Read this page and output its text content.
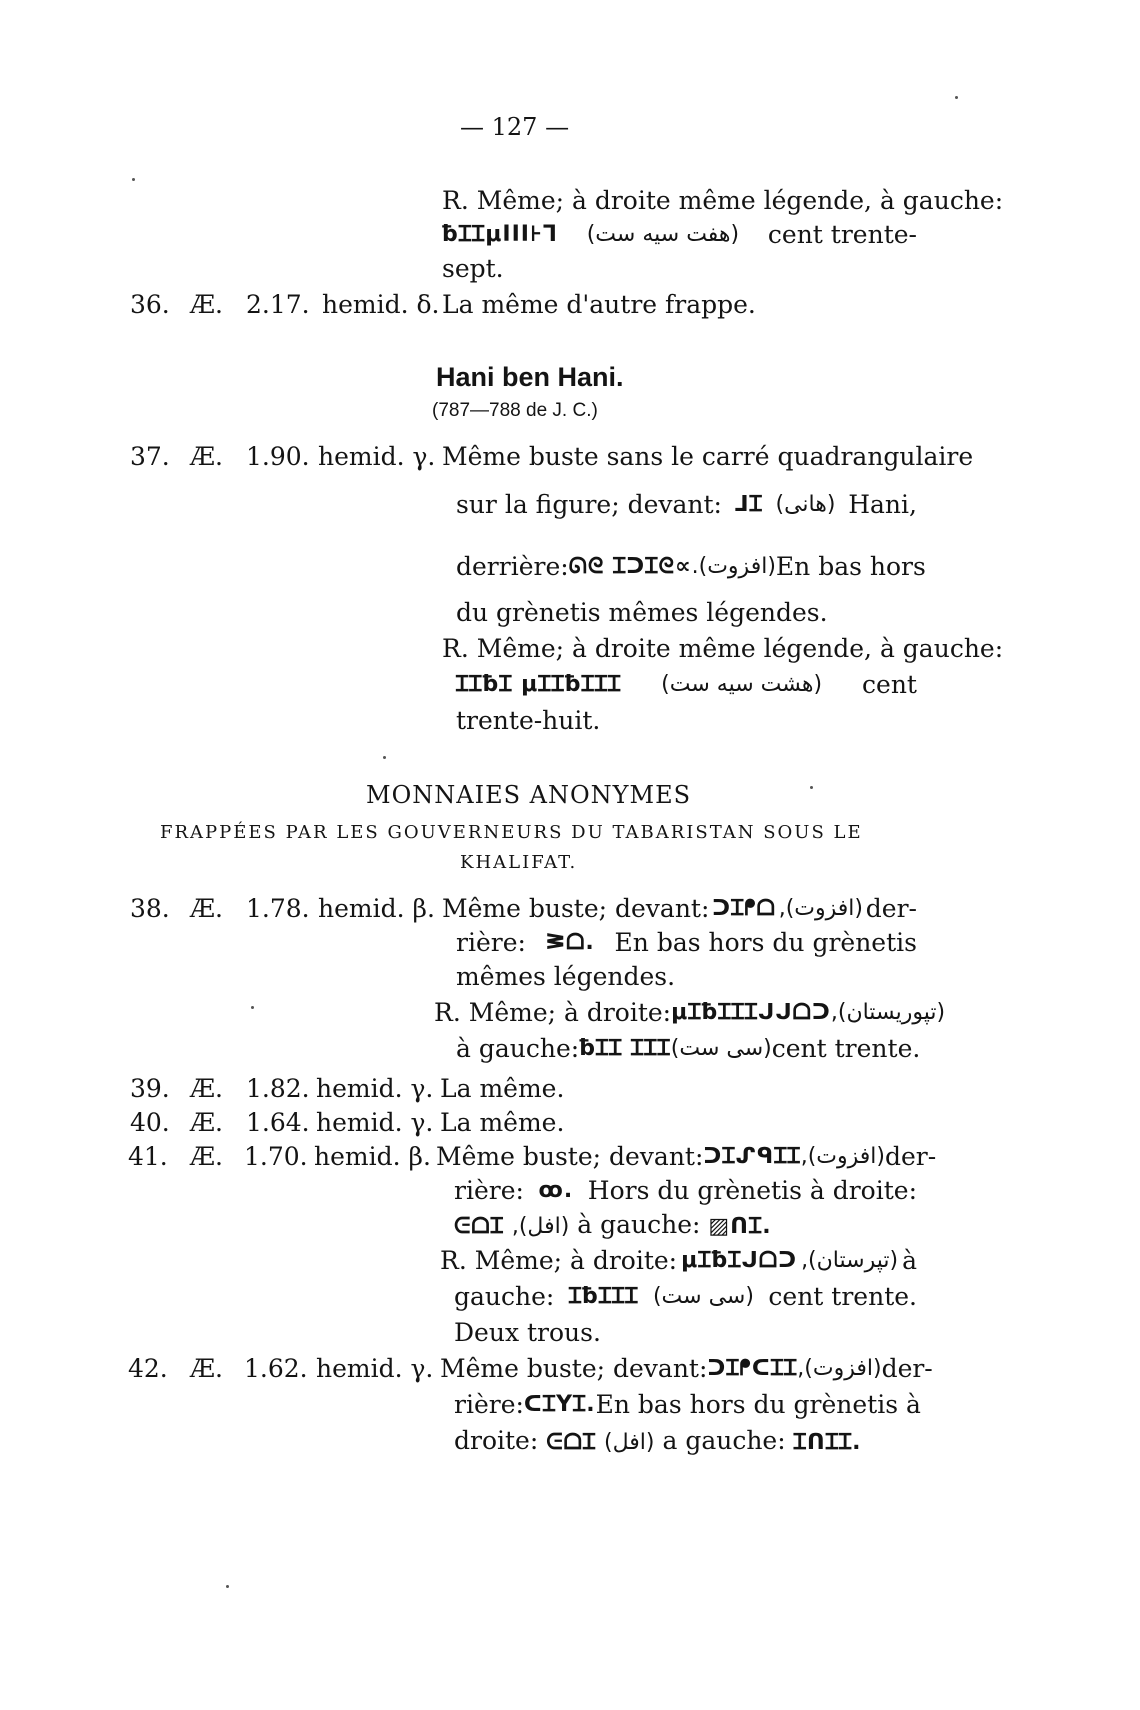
— 127 —
R. Même; à droite même légende, à gauche:
ƀꞮꞮμΙΙΙ⊦Ꞁ (هفت سيه ست) cent trente-
sept.
36. Æ. 2.17. hemid. δ. La même d'autre frappe.
Hani ben Hani.
(787—788 de J. C.)
37. Æ. 1.90. hemid. γ. Même buste sans le carré quadrangulaire
sur la figure; devant: ᒧꞮ (هانى) Hani,
derrière: ᘏᘓ ꞮᑐꞮᘓ∝ (افزوت). En bas hors
du grènetis mêmes légendes.
R. Même; à droite même légende, à gauche:
ꞮꞮƀꞮ μꞮꞮƀꞮꞮꞮ (هشت سيه ست) cent
trente-huit.
MONNAIES ANONYMES
FRAPPÉES PAR LES GOUVERNEURS DU TABARISTAN SOUS LE
KHALIFAT.
38. Æ. 1.78. hemid. β. Même buste; devant: ᑐꞮᖰᗝ (افزوت), der-
rière: ᕒᗝ. En bas hors du grènetis
mêmes légendes.
R. Même; à droite: μꞮƀꞮꞮꞮᒍᒍᗝᑐ (تپوريستان),
à gauche: ƀꞮꞮ ꞮꞮꞮ (سى ست) cent trente.
39. Æ. 1.82. hemid. γ. La même.
40. Æ. 1.64. hemid. γ. La même.
41. Æ. 1.70. hemid. β. Même buste; devant: ᑐꞮᔑᑫꞮꞮ (افزوت), der-
rière: ꝏ. Hors du grènetis à droite:
ᕮᗝꞮ (افل), à gauche: ▨ᑎꞮ.
R. Même; à droite: μꞮƀꞮᒍᗝᑐ (تپرستان), à
gauche: ꞮƀꞮꞮꞮ (سى ست) cent trente.
Deux trous.
42. Æ. 1.62. hemid. γ. Même buste; devant: ᑐꞮᖰᑕꞮꞮ (افزوت), der-
rière: ᑕꞮYꞮ. En bas hors du grènetis à
droite: ᕮᗝꞮ (افل) a gauche: ꞮᑎꞮꞮ.
